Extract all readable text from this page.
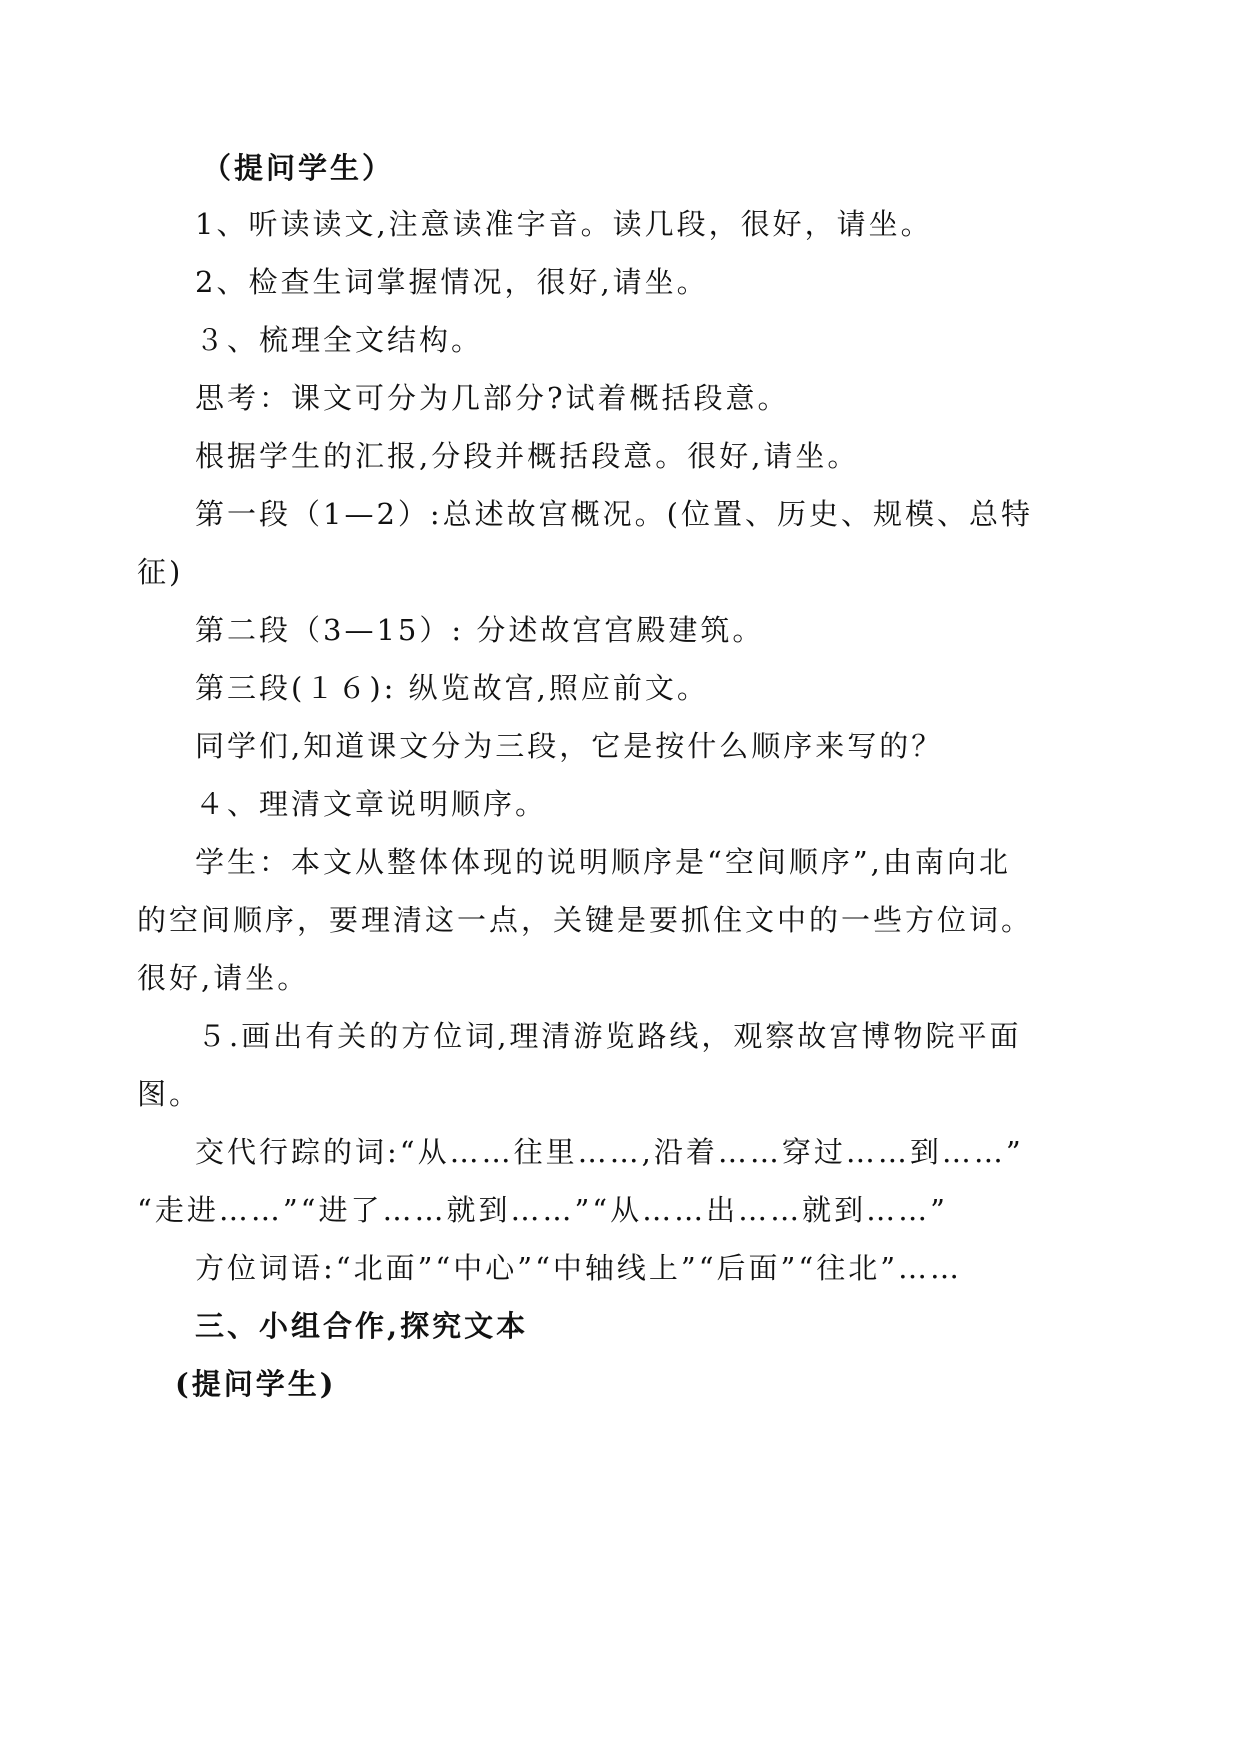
（提问学生）
1、听读读文,注意读准字音。读几段，很好，请坐。
2、检查生词掌握情况，很好,请坐。
３、梳理全文结构。
思考：课文可分为几部分?试着概括段意。
根据学生的汇报,分段并概括段意。很好,请坐。
第一段（1—2）:总述故宫概况。(位置、历史、规模、总特
征)
第二段（3—15）: 分述故宫宫殿建筑。
第三段(１６): 纵览故宫,照应前文。
同学们,知道课文分为三段，它是按什么顺序来写的？
４、理清文章说明顺序。
学生：本文从整体体现的说明顺序是“空间顺序”,由南向北
的空间顺序，要理清这一点，关键是要抓住文中的一些方位词。
很好,请坐。
５.画出有关的方位词,理清游览路线，观察故宫博物院平面
图。
交代行踪的词:“从……往里……,沿着……穿过……到……”
“走进……”“进了……就到……”“从……出……就到……”
方位词语:“北面”“中心”“中轴线上”“后面”“往北”……
三、小组合作,探究文本
(提问学生)
